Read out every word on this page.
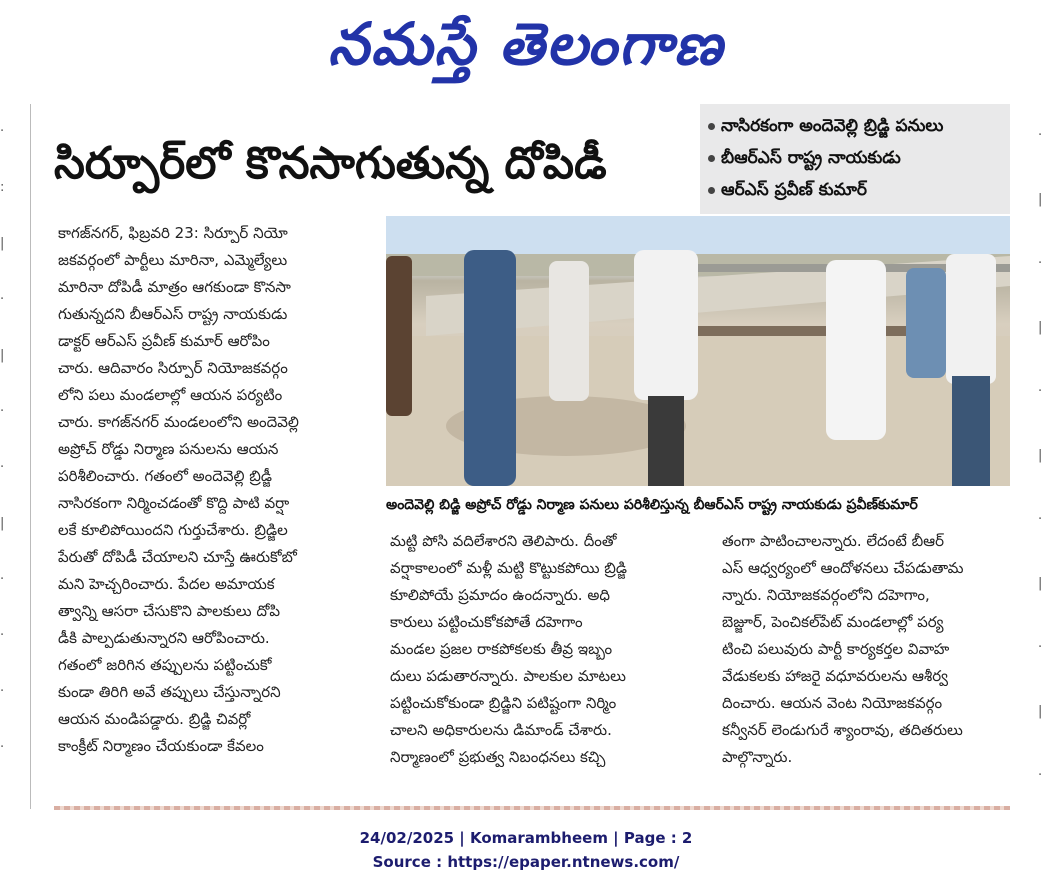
నమస్తే తెలంగాణ
·
:
|
·
|
·
·
|
·
·
·
·
·
|
·
|
·
|
·
|
·
|
·
సిర్పూర్‌లో కొనసాగుతున్న దోపిడీ
నాసిరకంగా అందెవెల్లి బ్రిడ్జి పనులు
బీఆర్‌ఎస్ రాష్ట్ర నాయకుడు
ఆర్‌ఎస్ ప్రవీణ్ కుమార్
అందెవెల్లి బిడ్జి అప్రోచ్ రోడ్డు నిర్మాణ పనులు పరిశీలిస్తున్న బీఆర్‌ఎస్ రాష్ట్ర నాయకుడు ప్రవీణ్‌కుమార్
కాగజ్‌నగర్, ఫిబ్రవరి 23: సిర్పూర్ నియో
జకవర్గంలో పార్టీలు మారినా, ఎమ్మెల్యేలు
మారినా దోపిడీ మాత్రం ఆగకుండా కొనసా
గుతున్నదని బీఆర్‌ఎస్ రాష్ట్ర నాయకుడు
డాక్టర్ ఆర్‌ఎస్ ప్రవీణ్ కుమార్ ఆరోపిం
చారు. ఆదివారం సిర్పూర్ నియోజకవర్గం
లోని పలు మండలాల్లో ఆయన పర్యటిం
చారు. కాగజ్‌నగర్ మండలంలోని అందెవెల్లి
అప్రోచ్ రోడ్డు నిర్మాణ పనులను ఆయన
పరిశీలించారు. గతంలో అందెవెల్లి బ్రిడ్జీ
నాసిరకంగా నిర్మించడంతో కొద్ది పాటి వర్షా
లకే కూలిపోయిందని గుర్తుచేశారు. బ్రిడ్జిల
పేరుతో దోపిడీ చేయాలని చూస్తే ఊరుకోబో
మని హెచ్చరించారు. పేదల అమాయక
త్వాన్ని ఆసరా చేసుకొని పాలకులు దోపి
డీకి పాల్పడుతున్నారని ఆరోపించారు.
గతంలో జరిగిన తప్పులను పట్టించుకో
కుండా తిరిగి అవే తప్పులు చేస్తున్నారని
ఆయన మండిపడ్డారు. బ్రిడ్జి చివర్లో
కాంక్రీట్ నిర్మాణం చేయకుండా కేవలం
మట్టి పోసి వదిలేశారని తెలిపారు. దీంతో
వర్షాకాలంలో మళ్లీ మట్టి కొట్టుకపోయి బ్రిడ్జి
కూలిపోయే ప్రమాదం ఉందన్నారు. అధి
కారులు పట్టించుకోకపోతే దహెగాం
మండల ప్రజల రాకపోకలకు తీవ్ర ఇబ్బం
దులు పడుతారన్నారు. పాలకుల మాటలు
పట్టించుకోకుండా బ్రిడ్జిని పటిష్టంగా నిర్మిం
చాలని అధికారులను డిమాండ్ చేశారు.
నిర్మాణంలో ప్రభుత్వ నిబంధనలు కచ్చి
తంగా పాటించాలన్నారు. లేదంటే బీఆర్
ఎస్ ఆధ్వర్యంలో ఆందోళనలు చేపడుతామ
న్నారు. నియోజకవర్గంలోని దహెగాం,
బెజ్జూర్, పెంచికల్‌పేట్ మండలాల్లో పర్య
టించి పలువురు పార్టీ కార్యకర్తల వివాహ
వేడుకలకు హాజరై వధూవరులను ఆశీర్వ
దించారు. ఆయన వెంట నియోజకవర్గం
కన్వీనర్ లెండుగురే శ్యాంరావు, తదితరులు
పాల్గొన్నారు.
24/02/2025 | Komarambheem | Page : 2
Source : https://epaper.ntnews.com/
